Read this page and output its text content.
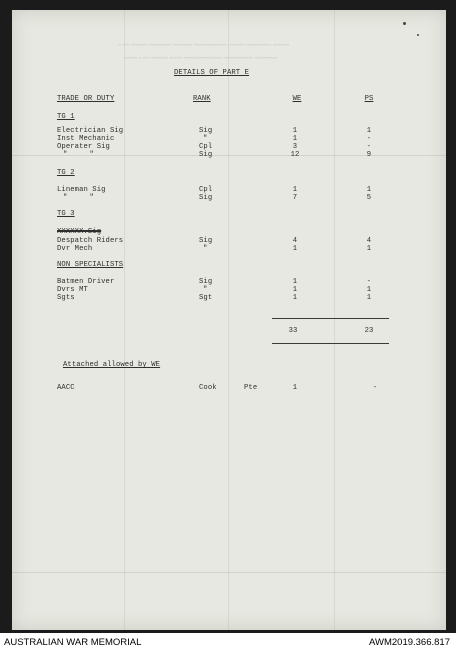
~ ~~ ~~~~~ ~~~~~~~ ~~~~~~ ~~~~~~~~~~ ~~~~~ ~~~~~~~~ ~~~~~
~~~~ ~ ~~ ~~~~~ ~~~~ ~~~~~~~~~~~~ ~~~~~~~~~ ~~~~~~~
DETAILS OF PART E
TRADE OR DUTY	RANK	WE	PS
TG 1
Electrician Sig	Sig	1	1
Inst Mechanic	"	1	-
Operater Sig	Cpl	3	-
"     "	Sig	12	9
TG 2
Lineman Sig	Cpl	1	1
"     "	Sig	7	5
TG 3
XXXXXX.Sig
Despatch Riders	Sig	4	4
Dvr Mech	"	1	1
NON SPECIALISTS
Batmen Driver	Sig	1	-
Dvrs MT	"	1	1
Sgts	Sgt	1	1
33	23
Attached allowed by WE
AACC	Cook	Pte	1	-
AUSTRALIAN WAR MEMORIAL	AWM2019.366.817
